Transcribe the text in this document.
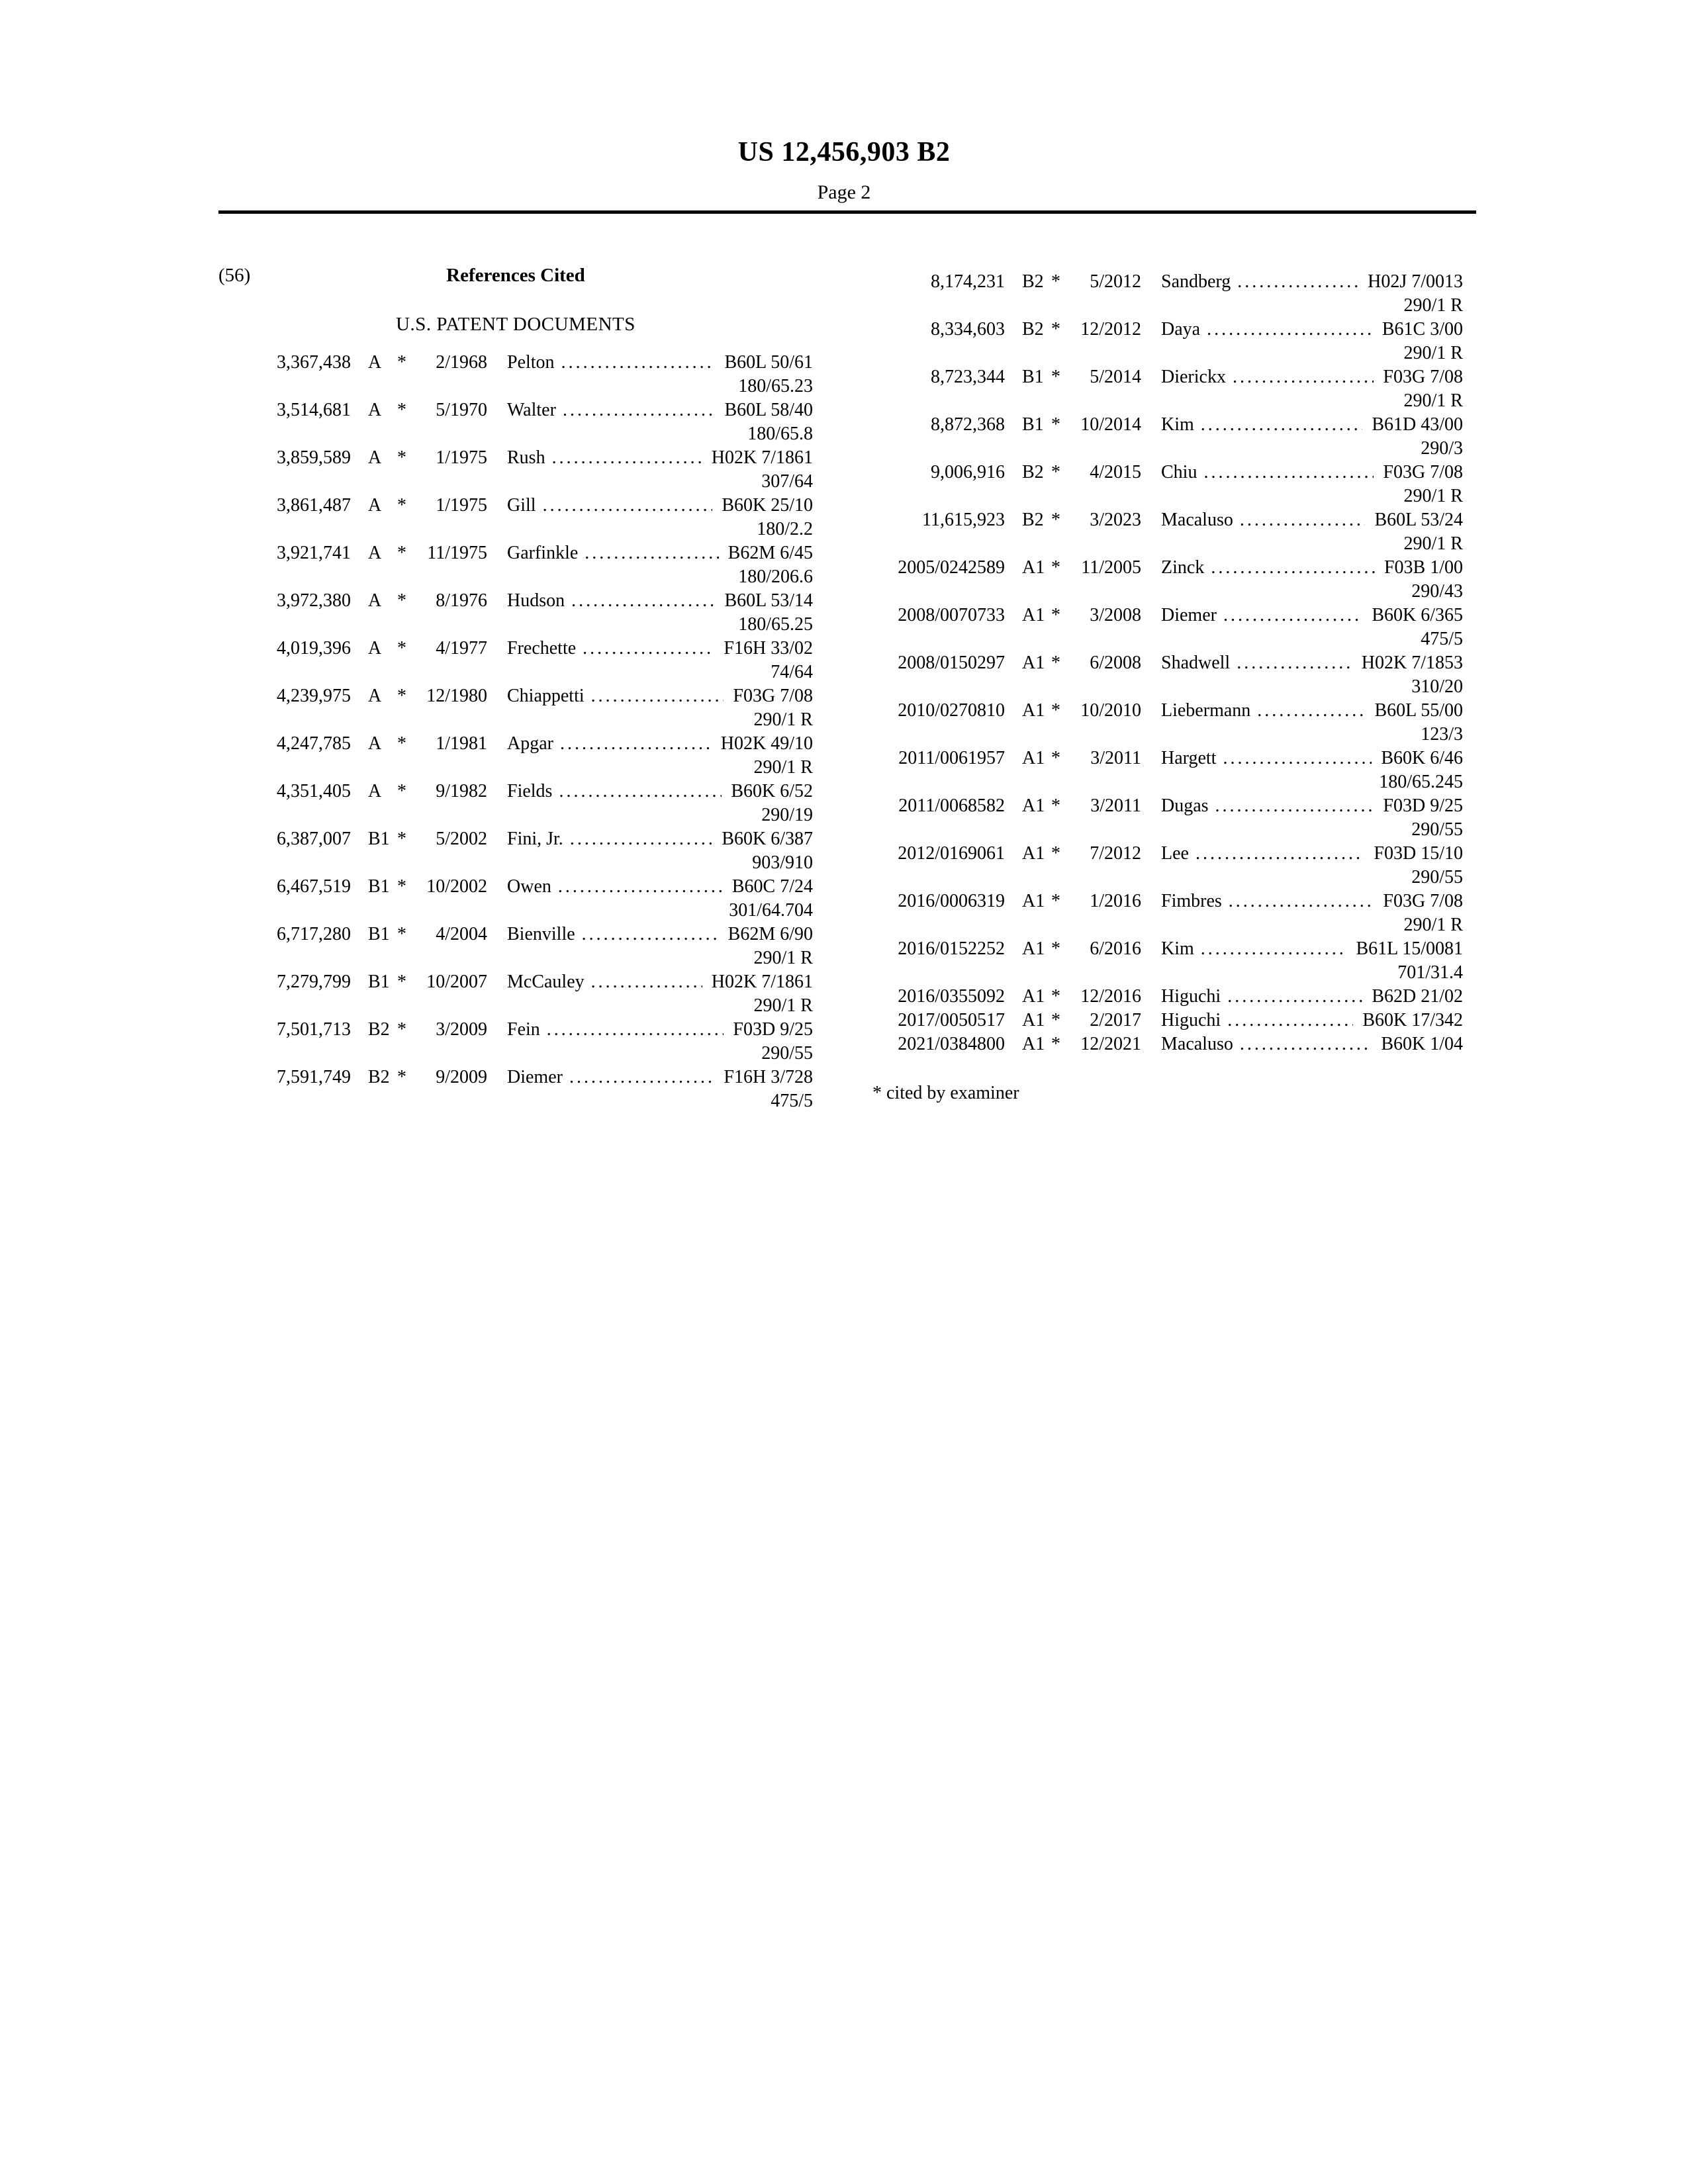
US 12,456,903 B2
Page 2
(56)	References Cited
U.S. PATENT DOCUMENTS
3,367,438 A *	2/1968 Pelton .....	B60L 50/61
180/65.23
3,514,681 A *	5/1970 Walter .....	B60L 58/40
180/65.8
3,859,589 A *	1/1975 Rush .....	H02K 7/1861
307/64
3,861,487 A *	1/1975 Gill .....	B60K 25/10
180/2.2
3,921,741 A *	11/1975 Garfinkle .....	B62M 6/45
180/206.6
3,972,380 A *	8/1976 Hudson .....	B60L 53/14
180/65.25
4,019,396 A *	4/1977 Frechette .....	F16H 33/02
74/64
4,239,975 A *	12/1980 Chiappetti .....	F03G 7/08
290/1 R
4,247,785 A *	1/1981 Apgar .....	H02K 49/10
290/1 R
4,351,405 A *	9/1982 Fields .....	B60K 6/52
290/19
6,387,007 B1 *	5/2002 Fini, Jr. .....	B60K 6/387
903/910
6,467,519 B1 *	10/2002 Owen .....	B60C 7/24
301/64.704
6,717,280 B1 *	4/2004 Bienville .....	B62M 6/90
290/1 R
7,279,799 B1 *	10/2007 McCauley .....	H02K 7/1861
290/1 R
7,501,713 B2 *	3/2009 Fein .....	F03D 9/25
290/55
7,591,749 B2 *	9/2009 Diemer .....	F16H 3/728
475/5
8,174,231 B2 *	5/2012 Sandberg .....	H02J 7/0013
290/1 R
8,334,603 B2 *	12/2012 Daya .....	B61C 3/00
290/1 R
8,723,344 B1 *	5/2014 Dierickx .....	F03G 7/08
290/1 R
8,872,368 B1 *	10/2014 Kim .....	B61D 43/00
290/3
9,006,916 B2 *	4/2015 Chiu .....	F03G 7/08
290/1 R
11,615,923 B2 *	3/2023 Macaluso .....	B60L 53/24
290/1 R
2005/0242589 A1 *	11/2005 Zinck .....	F03B 1/00
290/43
2008/0070733 A1 *	3/2008 Diemer .....	B60K 6/365
475/5
2008/0150297 A1 *	6/2008 Shadwell .....	H02K 7/1853
310/20
2010/0270810 A1 *	10/2010 Liebermann .....	B60L 55/00
123/3
2011/0061957 A1 *	3/2011 Hargett .....	B60K 6/46
180/65.245
2011/0068582 A1 *	3/2011 Dugas .....	F03D 9/25
290/55
2012/0169061 A1 *	7/2012 Lee .....	F03D 15/10
290/55
2016/0006319 A1 *	1/2016 Fimbres .....	F03G 7/08
290/1 R
2016/0152252 A1 *	6/2016 Kim .....	B61L 15/0081
701/31.4
2016/0355092 A1 *	12/2016 Higuchi .....	B62D 21/02
2017/0050517 A1 *	2/2017 Higuchi .....	B60K 17/342
2021/0384800 A1 *	12/2021 Macaluso .....	B60K 1/04
* cited by examiner
